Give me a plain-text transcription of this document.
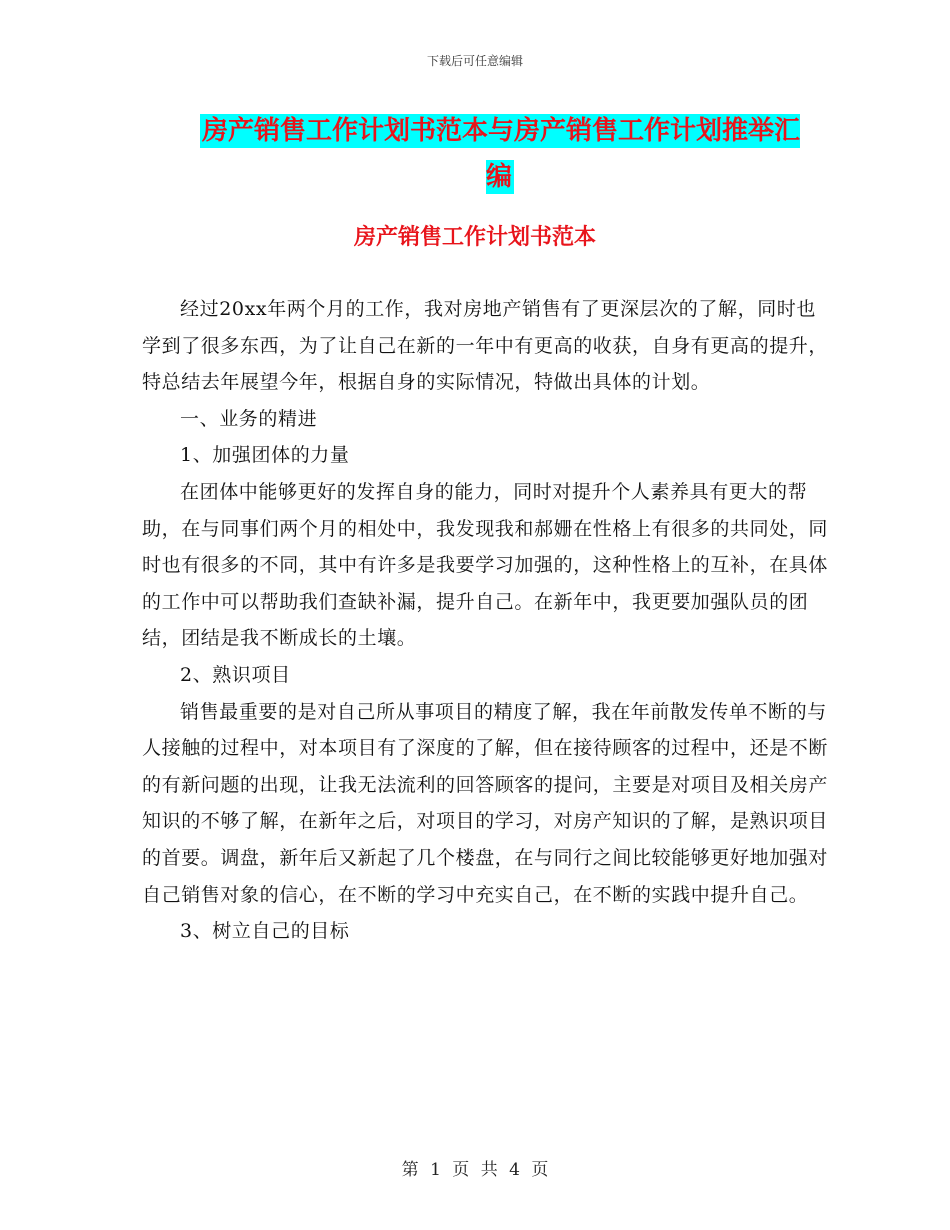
下载后可任意编辑
房产销售工作计划书范本与房产销售工作计划推举汇编
房产销售工作计划书范本

经过20xx年两个月的工作，我对房地产销售有了更深层次的了解，同时也学到了很多东西，为了让自己在新的一年中有更高的收获，自身有更高的提升，特总结去年展望今年，根据自身的实际情况，特做出具体的计划。

一、业务的精进

1、加强团体的力量

在团体中能够更好的发挥自身的能力，同时对提升个人素养具有更大的帮助，在与同事们两个月的相处中，我发现我和郝姗在性格上有很多的共同处，同时也有很多的不同，其中有许多是我要学习加强的，这种性格上的互补，在具体的工作中可以帮助我们查缺补漏，提升自己。在新年中，我更要加强队员的团结，团结是我不断成长的土壤。

2、熟识项目

销售最重要的是对自己所从事项目的精度了解，我在年前散发传单不断的与人接触的过程中，对本项目有了深度的了解，但在接待顾客的过程中，还是不断的有新问题的出现，让我无法流利的回答顾客的提问，主要是对项目及相关房产知识的不够了解，在新年之后，对项目的学习，对房产知识的了解，是熟识项目的首要。调盘，新年后又新起了几个楼盘，在与同行之间比较能够更好地加强对自己销售对象的信心，在不断的学习中充实自己，在不断的实践中提升自己。

3、树立自己的目标

第 1 页 共 4 页
